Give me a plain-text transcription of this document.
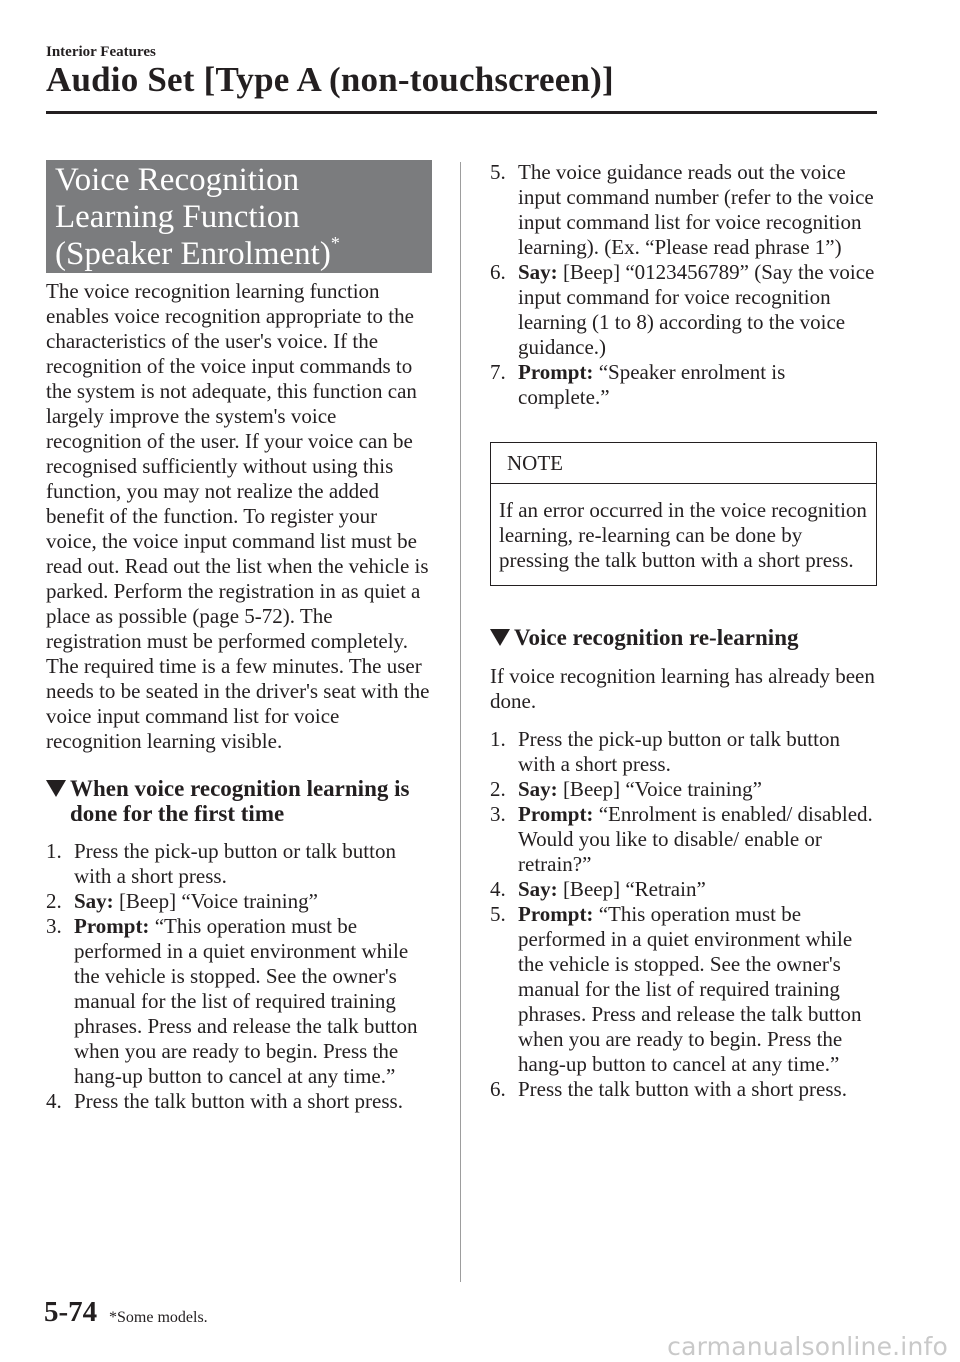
Interior Features
Audio Set [Type A (non-touchscreen)]
Voice Recognition
Learning Function
(Speaker Enrolment)*

The voice recognition learning function enables voice recognition appropriate to the characteristics of the user's voice. If the recognition of the voice input commands to the system is not adequate, this function can largely improve the system's voice recognition of the user. If your voice can be recognised sufficiently without using this function, you may not realize the added benefit of the function. To register your voice, the voice input command list must be read out. Read out the list when the vehicle is parked. Perform the registration in as quiet a place as possible (page 5-72). The registration must be performed completely. The required time is a few minutes. The user needs to be seated in the driver's seat with the voice input command list for voice recognition learning visible.

When voice recognition learning is done for the first time
1. Press the pick-up button or talk button with a short press.
2. Say: [Beep] “Voice training”
3. Prompt: “This operation must be performed in a quiet environment while the vehicle is stopped. See the owner's manual for the list of required training phrases. Press and release the talk button when you are ready to begin. Press the hang-up button to cancel at any time.”
4. Press the talk button with a short press.
5. The voice guidance reads out the voice input command number (refer to the voice input command list for voice recognition learning). (Ex. “Please read phrase 1”)
6. Say: [Beep] “0123456789” (Say the voice input command for voice recognition learning (1 to 8) according to the voice guidance.)
7. Prompt: “Speaker enrolment is complete.”
NOTE
If an error occurred in the voice recognition learning, re-learning can be done by pressing the talk button with a short press.
Voice recognition re-learning

If voice recognition learning has already been done.

1. Press the pick-up button or talk button with a short press.
2. Say: [Beep] “Voice training”
3. Prompt: “Enrolment is enabled/ disabled. Would you like to disable/ enable or retrain?”
4. Say: [Beep] “Retrain”
5. Prompt: “This operation must be performed in a quiet environment while the vehicle is stopped. See the owner's manual for the list of required training phrases. Press and release the talk button when you are ready to begin. Press the hang-up button to cancel at any time.”
6. Press the talk button with a short press.
5-74 *Some models.
carmanualsonline.info
